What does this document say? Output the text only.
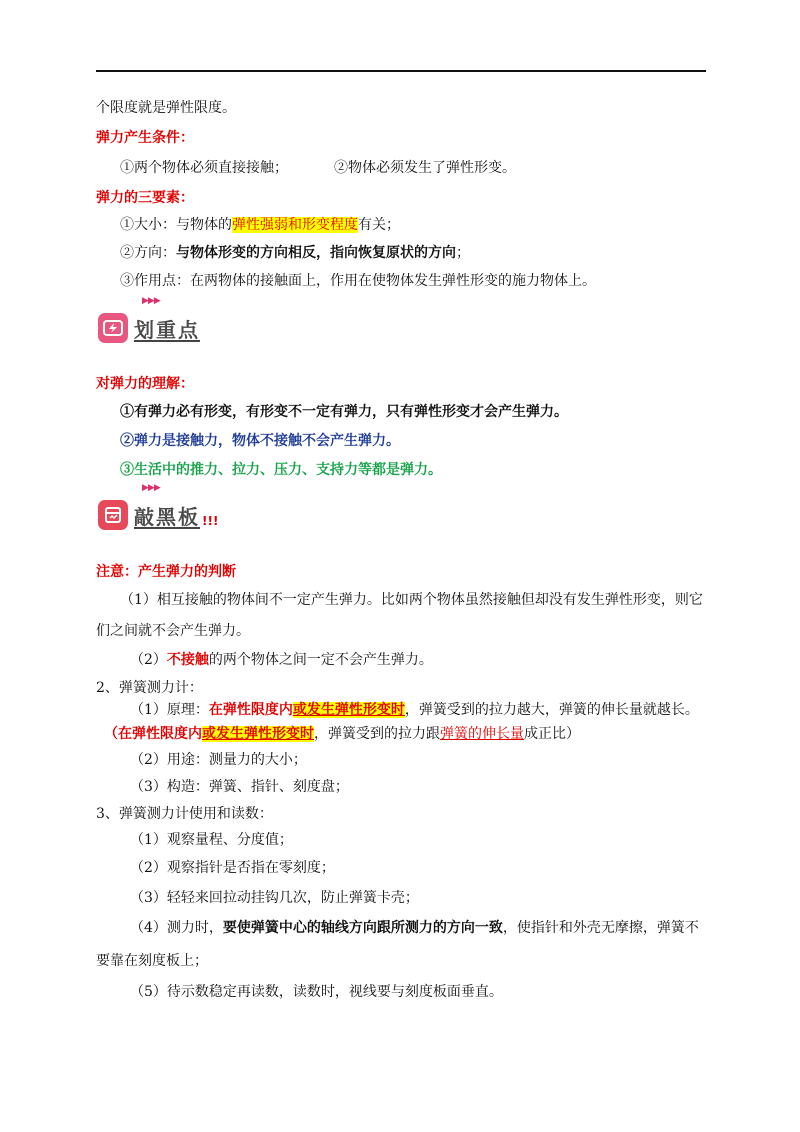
个限度就是弹性限度。
弹力产生条件：
①两个物体必须直接接触；	②物体必须发生了弹性形变。
弹力的三要素：
①大小：与物体的弹性强弱和形变程度有关；
②方向：与物体形变的方向相反，指向恢复原状的方向；
③作用点：在两物体的接触面上，作用在使物体发生弹性形变的施力物体上。
▶▶▶
划重点
对弹力的理解：
①有弹力必有形变，有形变不一定有弹力，只有弹性形变才会产生弹力。
②弹力是接触力，物体不接触不会产生弹力。
③生活中的推力、拉力、压力、支持力等都是弹力。
▶▶▶
敲黑板 !!!
注意：产生弹力的判断
（1）相互接触的物体间不一定产生弹力。比如两个物体虽然接触但却没有发生弹性形变，则它
们之间就不会产生弹力。
（2）不接触的两个物体之间一定不会产生弹力。
2、弹簧测力计：
（1）原理：在弹性限度内或发生弹性形变时，弹簧受到的拉力越大，弹簧的伸长量就越长。
（在弹性限度内或发生弹性形变时，弹簧受到的拉力跟弹簧的伸长量成正比）
（2）用途：测量力的大小；
（3）构造：弹簧、指针、刻度盘；
3、弹簧测力计使用和读数：
（1）观察量程、分度值；
（2）观察指针是否指在零刻度；
（3）轻轻来回拉动挂钩几次，防止弹簧卡壳；
（4）测力时，要使弹簧中心的轴线方向跟所测力的方向一致，使指针和外壳无摩擦，弹簧不
要靠在刻度板上；
（5）待示数稳定再读数，读数时，视线要与刻度板面垂直。
